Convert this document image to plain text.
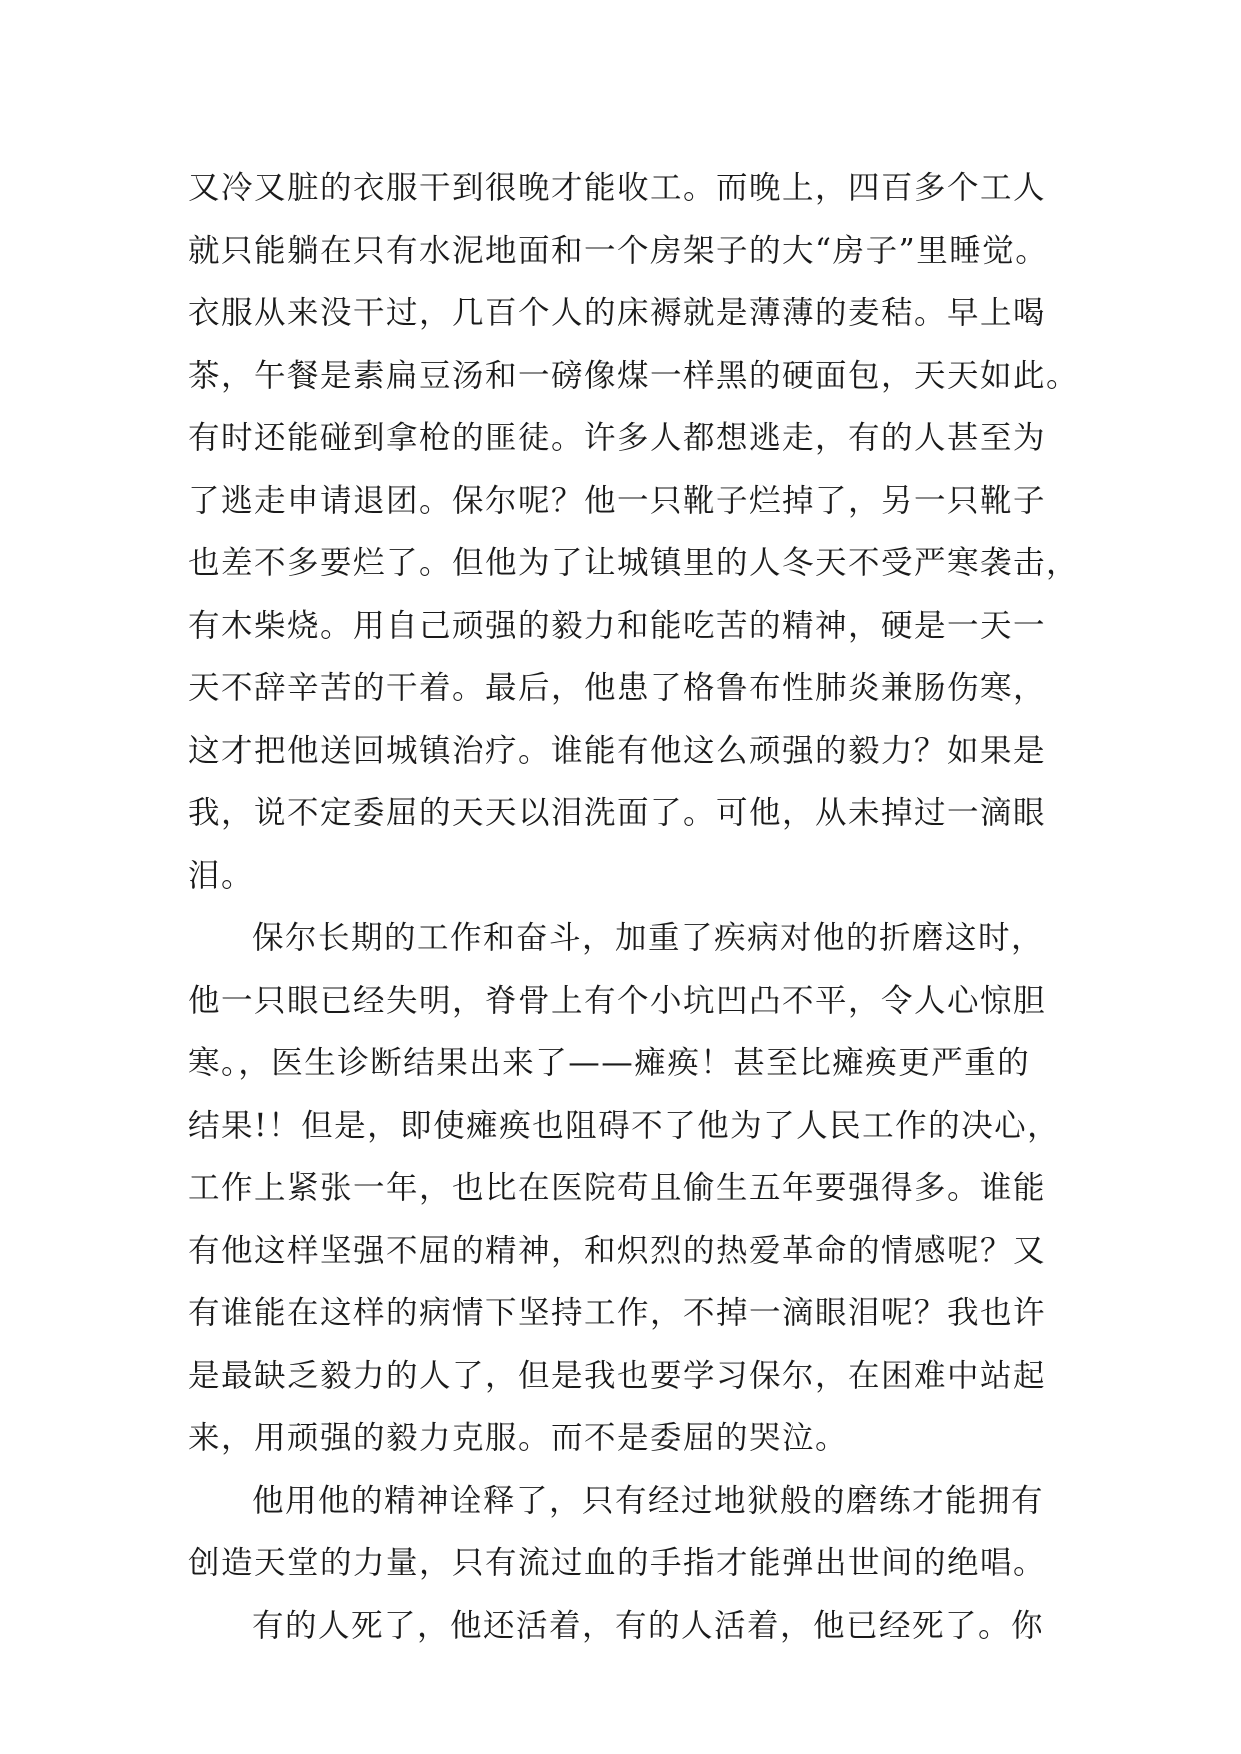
又冷又脏的衣服干到很晚才能收工。而晚上，四百多个工人
就只能躺在只有水泥地面和一个房架子的大“房子”里睡觉。
衣服从来没干过，几百个人的床褥就是薄薄的麦秸。早上喝
茶，午餐是素扁豆汤和一磅像煤一样黑的硬面包，天天如此。
有时还能碰到拿枪的匪徒。许多人都想逃走，有的人甚至为
了逃走申请退团。保尔呢？他一只靴子烂掉了，另一只靴子
也差不多要烂了。但他为了让城镇里的人冬天不受严寒袭击，
有木柴烧。用自己顽强的毅力和能吃苦的精神，硬是一天一
天不辞辛苦的干着。最后，他患了格鲁布性肺炎兼肠伤寒，
这才把他送回城镇治疗。谁能有他这么顽强的毅力？如果是
我，说不定委屈的天天以泪洗面了。可他，从未掉过一滴眼
泪。
保尔长期的工作和奋斗，加重了疾病对他的折磨这时，
他一只眼已经失明，脊骨上有个小坑凹凸不平，令人心惊胆
寒。，医生诊断结果出来了——瘫痪！甚至比瘫痪更严重的
结果!！但是，即使瘫痪也阻碍不了他为了人民工作的决心，
工作上紧张一年，也比在医院苟且偷生五年要强得多。谁能
有他这样坚强不屈的精神，和炽烈的热爱革命的情感呢？又
有谁能在这样的病情下坚持工作，不掉一滴眼泪呢？我也许
是最缺乏毅力的人了，但是我也要学习保尔，在困难中站起
来，用顽强的毅力克服。而不是委屈的哭泣。
他用他的精神诠释了，只有经过地狱般的磨练才能拥有
创造天堂的力量，只有流过血的手指才能弹出世间的绝唱。
有的人死了，他还活着，有的人活着，他已经死了。你
